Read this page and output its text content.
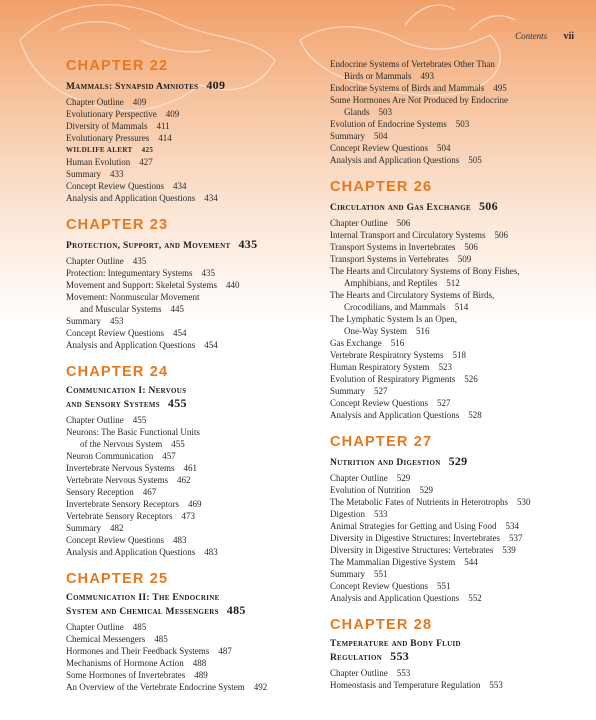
Contents vii
CHAPTER 22
Mammals: Synapsid Amniotes 409
Chapter Outline 409
Evolutionary Perspective 409
Diversity of Mammals 411
Evolutionary Pressures 414
WILDLIFE ALERT 425
Human Evolution 427
Summary 433
Concept Review Questions 434
Analysis and Application Questions 434
CHAPTER 23
Protection, Support, and Movement 435
Chapter Outline 435
Protection: Integumentary Systems 435
Movement and Support: Skeletal Systems 440
Movement: Nonmuscular Movement
and Muscular Systems 445
Summary 453
Concept Review Questions 454
Analysis and Application Questions 454
CHAPTER 24
Communication I: Nervous
and Sensory Systems 455
Chapter Outline 455
Neurons: The Basic Functional Units
of the Nervous System 455
Neuron Communication 457
Invertebrate Nervous Systems 461
Vertebrate Nervous Systems 462
Sensory Reception 467
Invertebrate Sensory Receptors 469
Vertebrate Sensory Receptors 473
Summary 482
Concept Review Questions 483
Analysis and Application Questions 483
CHAPTER 25
Communication II: The Endocrine
System and Chemical Messengers 485
Chapter Outline 485
Chemical Messengers 485
Hormones and Their Feedback Systems 487
Mechanisms of Hormone Action 488
Some Hormones of Invertebrates 489
An Overview of the Vertebrate Endocrine System 492
Endocrine Systems of Vertebrates Other Than
Birds or Mammals 493
Endocrine Systems of Birds and Mammals 495
Some Hormones Are Not Produced by Endocrine
Glands 503
Evolution of Endocrine Systems 503
Summary 504
Concept Review Questions 504
Analysis and Application Questions 505
CHAPTER 26
Circulation and Gas Exchange 506
Chapter Outline 506
Internal Transport and Circulatory Systems 506
Transport Systems in Invertebrates 506
Transport Systems in Vertebrates 509
The Hearts and Circulatory Systems of Bony Fishes,
Amphibians, and Reptiles 512
The Hearts and Circulatory Systems of Birds,
Crocodilians, and Mammals 514
The Lymphatic System Is an Open,
One-Way System 516
Gas Exchange 516
Vertebrate Respiratory Systems 518
Human Respiratory System 523
Evolution of Respiratory Pigments 526
Summary 527
Concept Review Questions 527
Analysis and Application Questions 528
CHAPTER 27
Nutrition and Digestion 529
Chapter Outline 529
Evolution of Nutrition 529
The Metabolic Fates of Nutrients in Heterotrophs 530
Digestion 533
Animal Strategies for Getting and Using Food 534
Diversity in Digestive Structures: Invertebrates 537
Diversity in Digestive Structures: Vertebrates 539
The Mammalian Digestive System 544
Summary 551
Concept Review Questions 551
Analysis and Application Questions 552
CHAPTER 28
Temperature and Body Fluid
Regulation 553
Chapter Outline 553
Homeostasis and Temperature Regulation 553
